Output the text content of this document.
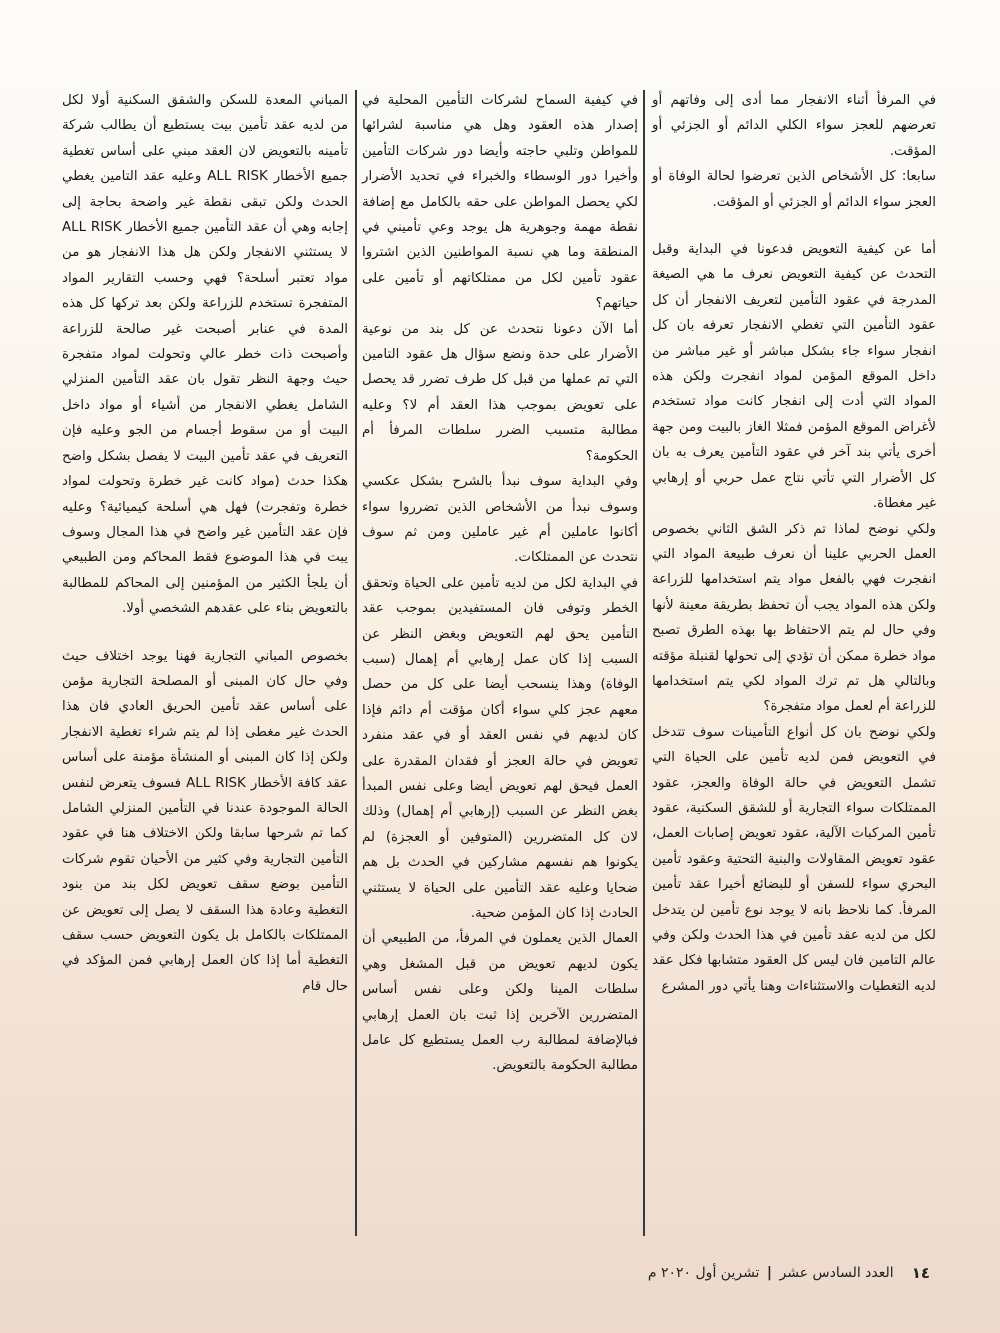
في المرفأ أثناء الانفجار مما أدى إلى وفاتهم أو تعرضهم للعجز سواء الكلي الدائم أو الجزئي أو المؤقت.

سابعا: كل الأشخاص الذين تعرضوا لحالة الوفاة أو العجز سواء الدائم أو الجزئي أو المؤقت.

أما عن كيفية التعويض فدعونا في البداية وقبل التحدث عن كيفية التعويض نعرف ما هي الصيغة المدرجة في عقود التأمين لتعريف الانفجار أن كل عقود التأمين التي تغطي الانفجار تعرفه بان كل انفجار سواء جاء بشكل مباشر أو غير مباشر من داخل الموقع المؤمن لمواد انفجرت ولكن هذه المواد التي أدت إلى انفجار كانت مواد تستخدم لأغراض الموقع المؤمن فمثلا الغاز بالبيت ومن جهة أخرى يأتي بند آخر في عقود التأمين يعرف به بان كل الأضرار التي تأتي نتاج عمل حربي أو إرهابي غير مغطاة.

ولكي نوضح لماذا تم ذكر الشق الثاني بخصوص العمل الحربي علينا أن نعرف طبيعة المواد التي انفجرت فهي بالفعل مواد يتم استخدامها للزراعة ولكن هذه المواد يجب أن تحفظ بطريقة معينة لأنها وفي حال لم يتم الاحتفاظ بها بهذه الطرق تصبح مواد خطرة ممكن أن تؤدي إلى تحولها لقنبلة مؤقته وبالتالي هل تم ترك المواد لكي يتم استخدامها للزراعة أم لعمل مواد متفجرة؟

ولكي نوضح بان كل أنواع التأمينات سوف تتدخل في التعويض فمن لديه تأمين على الحياة التي تشمل التعويض في حالة الوفاة والعجز، عقود الممتلكات سواء التجارية أو للشقق السكنية، عقود تأمين المركبات الآلية، عقود تعويض إصابات العمل، عقود تعويض المقاولات والبنية التحتية وعقود تأمين البحري سواء للسفن أو للبضائع أخيرا عقد تأمين المرفأ. كما نلاحظ بانه لا يوجد نوع تأمين لن يتدخل لكل من لديه عقد تأمين في هذا الحدث ولكن وفي عالم التامين فان ليس كل العقود متشابها فكل عقد لديه التغطيات والاستثناءات وهنا يأتي دور المشرع

في كيفية السماح لشركات التأمين المحلية في إصدار هذه العقود وهل هي مناسبة لشرائها للمواطن وتلبي حاجته وأيضا دور شركات التأمين وأخيرا دور الوسطاء والخبراء في تحديد الأضرار لكي يحصل المواطن على حقه بالكامل مع إضافة نقطة مهمة وجوهرية هل يوجد وعي تأميني في المنطقة وما هي نسبة المواطنين الذين اشتروا عقود تأمين لكل من ممتلكاتهم أو تأمين على حياتهم؟

أما الآن دعونا نتحدث عن كل بند من نوعية الأضرار على حدة ونضع سؤال هل عقود التامين التي تم عملها من قبل كل طرف تضرر قد يحصل على تعويض بموجب هذا العقد أم لا؟ وعليه مطالبة متسبب الضرر سلطات المرفأ أم الحكومة؟

وفي البداية سوف نبدأ بالشرح بشكل عكسي وسوف نبدأ من الأشخاص الذين تضرروا سواء أكانوا عاملين أم غير عاملين ومن ثم سوف نتحدث عن الممتلكات.

في البداية لكل من لديه تأمين على الحياة وتحقق الخطر وتوفى فان المستفيدين بموجب عقد التأمين يحق لهم التعويض وبغض النظر عن السبب إذا كان عمل إرهابي أم إهمال (سبب الوفاة) وهذا ينسحب أيضا على كل من حصل معهم عجز كلي سواء أكان مؤقت أم دائم فإذا كان لديهم في نفس العقد أو في عقد منفرد تعويض في حالة العجز أو فقدان المقدرة على العمل فيحق لهم تعويض أيضا وعلى نفس المبدأ بغض النظر عن السبب (إرهابي أم إهمال) وذلك لان كل المتضررين (المتوفين أو العجزة) لم يكونوا هم نفسهم مشاركين في الحدث بل هم ضحايا وعليه عقد التأمين على الحياة لا يستثني الحادث إذا كان المؤمن ضحية.

العمال الذين يعملون في المرفأ، من الطبيعي أن يكون لديهم تعويض من قبل المشغل وهي سلطات المينا ولكن وعلى نفس أساس المتضررين الآخرين إذا ثبت بان العمل إرهابي فبالإضافة لمطالبة رب العمل يستطيع كل عامل مطالبة الحكومة بالتعويض.

المباني المعدة للسكن والشقق السكنية أولا لكل من لديه عقد تأمين بيت يستطيع أن يطالب شركة تأمينه بالتعويض لان العقد مبني على أساس تغطية جميع الأخطار ALL RISK وعليه عقد التامين يغطي الحدث ولكن تبقى نقطة غير واضحة بحاجة إلى إجابه وهي أن عقد التأمين جميع الأخطار ALL RISK لا يستثني الانفجار ولكن هل هذا الانفجار هو من مواد تعتبر أسلحة؟ فهي وحسب التقارير المواد المتفجرة تستخدم للزراعة ولكن بعد تركها كل هذه المدة في عنابر أصبحت غير صالحة للزراعة وأصبحت ذات خطر عالي وتحولت لمواد متفجرة حيث وجهة النظر تقول بان عقد التأمين المنزلي الشامل يغطي الانفجار من أشياء أو مواد داخل البيت أو من سقوط أجسام من الجو وعليه فإن التعريف في عقد تأمين البيت لا يفصل بشكل واضح هكذا حدث (مواد كانت غير خطرة وتحولت لمواد خطرة وتفجرت) فهل هي أسلحة كيميائية؟ وعليه فإن عقد التأمين غير واضح في هذا المجال وسوف يبت في هذا الموضوع فقط المحاكم ومن الطبيعي أن يلجأ الكثير من المؤمنين إلى المحاكم للمطالبة بالتعويض بناء على عقدهم الشخصي أولا.

بخصوص المباني التجارية فهنا يوجد اختلاف حيث وفي حال كان المبنى أو المصلحة التجارية مؤمن على أساس عقد تأمين الحريق العادي فان هذا الحدث غير مغطى إذا لم يتم شراء تغطية الانفجار ولكن إذا كان المبنى أو المنشأة مؤمنة على أساس عقد كافة الأخطار ALL RISK فسوف يتعرض لنفس الحالة الموجودة عندنا في التأمين المنزلي الشامل كما تم شرحها سابقا ولكن الاختلاف هنا في عقود التأمين التجارية وفي كثير من الأحيان تقوم شركات التأمين بوضع سقف تعويض لكل بند من بنود التغطية وعادة هذا السقف لا يصل إلى تعويض عن الممتلكات بالكامل بل يكون التعويض حسب سقف التغطية أما إذا كان العمل إرهابي فمن المؤكد في حال قام

١٤
العدد السادس عشر | تشرين أول ٢٠٢٠ م
